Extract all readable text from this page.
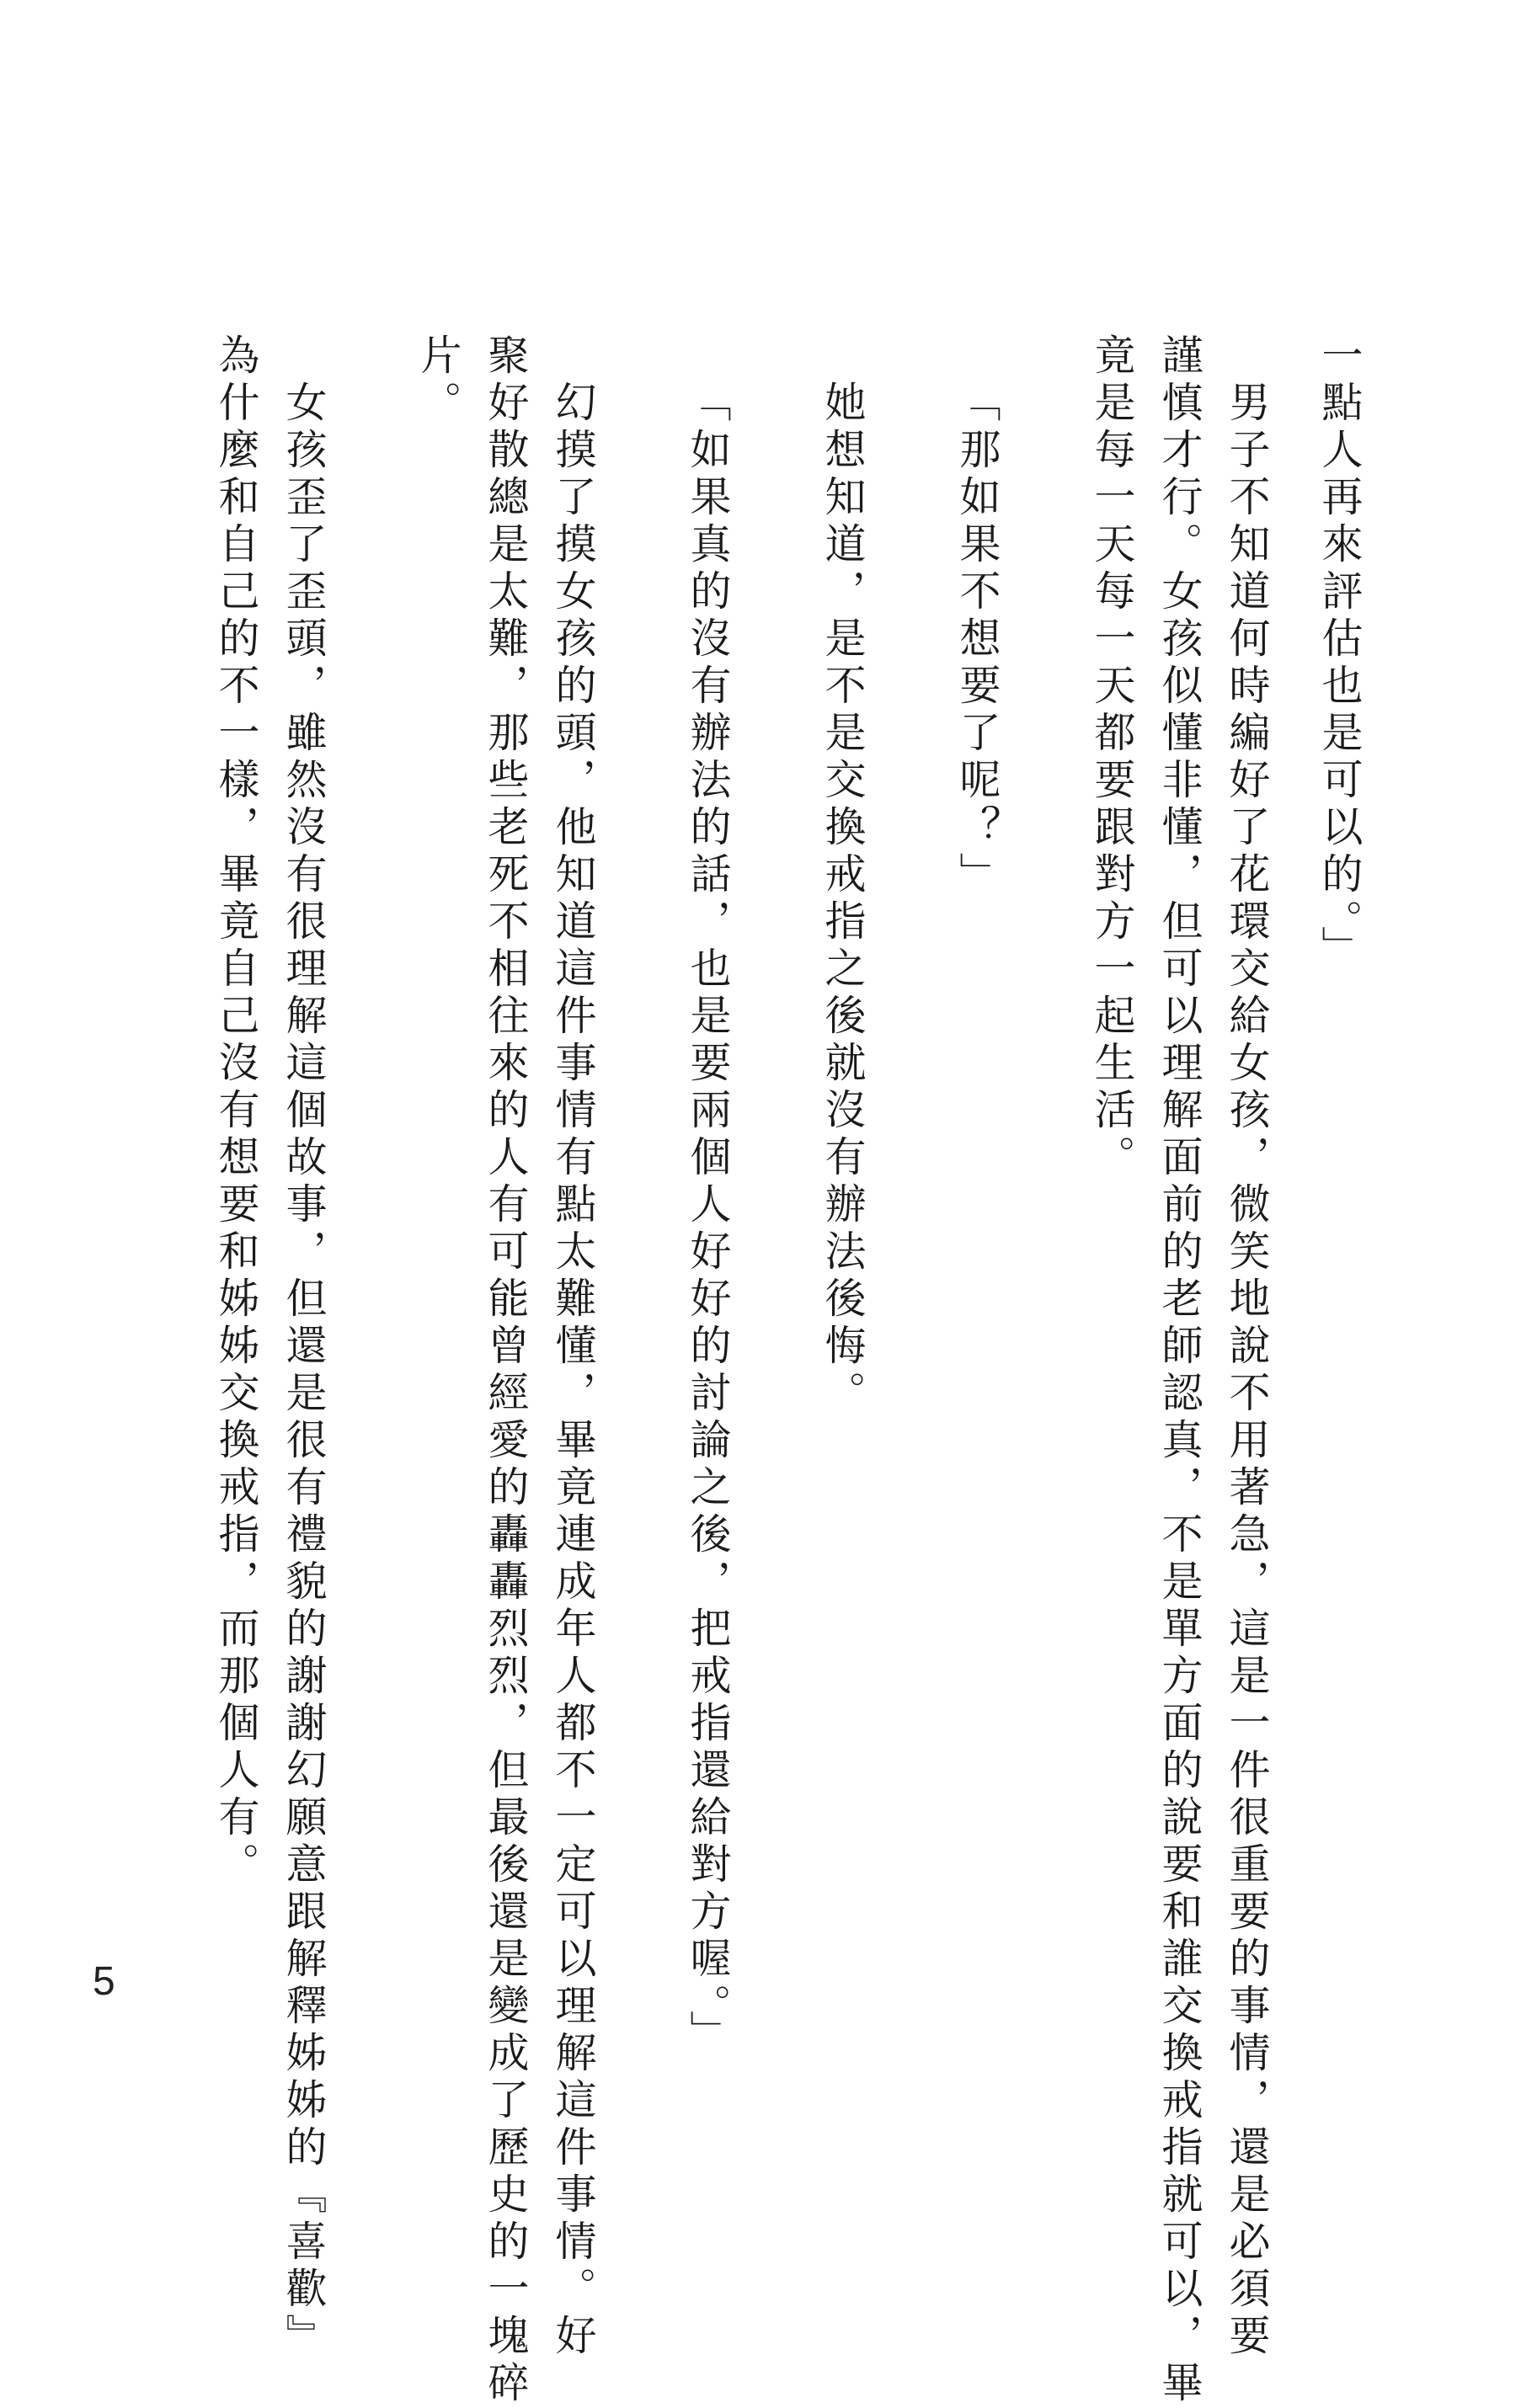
一點人再來評估也是可以的。」

男子不知道何時編好了花環交給女孩，微笑地說不用著急，這是一件很重要的事情，還是必須要

謹慎才行。女孩似懂非懂，但可以理解面前的老師認真，不是單方面的說要和誰交換戒指就可以，畢

竟是每一天每一天都要跟對方一起生活。

「那如果不想要了呢？」

她想知道，是不是交換戒指之後就沒有辦法後悔。

「如果真的沒有辦法的話，也是要兩個人好好的討論之後，把戒指還給對方喔。」

幻摸了摸女孩的頭，他知道這件事情有點太難懂，畢竟連成年人都不一定可以理解這件事情。好

聚好散總是太難，那些老死不相往來的人有可能曾經愛的轟轟烈烈，但最後還是變成了歷史的一塊碎

片。

女孩歪了歪頭，雖然沒有很理解這個故事，但還是很有禮貌的謝謝幻願意跟解釋姊姊的『喜歡』

為什麼和自己的不一樣，畢竟自己沒有想要和姊姊交換戒指，而那個人有。

5
